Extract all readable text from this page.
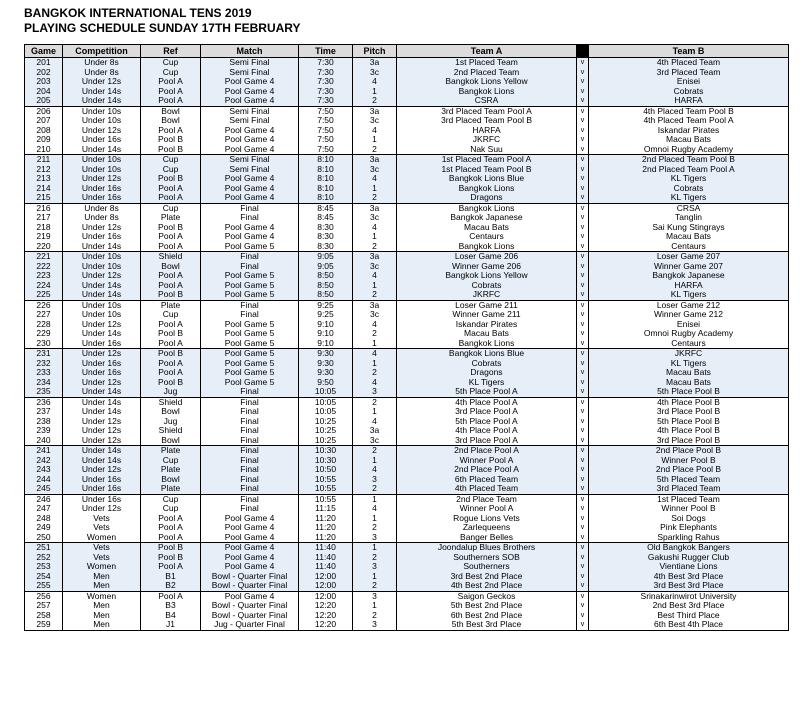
BANGKOK INTERNATIONAL TENS 2019
PLAYING SCHEDULE SUNDAY 17TH FEBRUARY
Game	Competition	Ref	Match	Time	Pitch	Team A		Team B
201	Under 8s	Cup	Semi Final	7:30	3a	1st Placed Team	v	4th Placed Team
202	Under 8s	Cup	Semi Final	7:30	3c	2nd Placed Team	v	3rd Placed Team
203	Under 12s	Pool A	Pool Game 4	7:30	4	Bangkok Lions Yellow	v	Enisei
204	Under 14s	Pool A	Pool Game 4	7:30	1	Bangkok Lions	v	Cobrats
205	Under 14s	Pool A	Pool Game 4	7:30	2	CSRA	v	HARFA
206	Under 10s	Bowl	Semi Final	7:50	3a	3rd Placed Team Pool A	v	4th Placed Team Pool B
207	Under 10s	Bowl	Semi Final	7:50	3c	3rd Placed Team Pool B	v	4th Placed Team Pool A
208	Under 12s	Pool A	Pool Game 4	7:50	4	HARFA	v	Iskandar Pirates
209	Under 16s	Pool B	Pool Game 4	7:50	1	JKRFC	v	Macau Bats
210	Under 14s	Pool B	Pool Game 4	7:50	2	Nak Suu	v	Omnoi Rugby Academy
211	Under 10s	Cup	Semi Final	8:10	3a	1st Placed Team Pool A	v	2nd Placed Team Pool B
212	Under 10s	Cup	Semi Final	8:10	3c	1st Placed Team Pool B	v	2nd Placed Team Pool A
213	Under 12s	Pool B	Pool Game 4	8:10	4	Bangkok Lions Blue	v	KL Tigers
214	Under 16s	Pool A	Pool Game 4	8:10	1	Bangkok Lions	v	Cobrats
215	Under 16s	Pool A	Pool Game 4	8:10	2	Dragons	v	KL Tigers
216	Under 8s	Cup	Final	8:45	3a	Bangkok Lions	v	CRSA
217	Under 8s	Plate	Final	8:45	3c	Bangkok Japanese	v	Tanglin
218	Under 12s	Pool B	Pool Game 4	8:30	4	Macau Bats	v	Sai Kung Stingrays
219	Under 16s	Pool A	Pool Game 4	8:30	1	Centaurs	v	Macau Bats
220	Under 14s	Pool A	Pool Game 5	8:30	2	Bangkok Lions	v	Centaurs
221	Under 10s	Shield	Final	9:05	3a	Loser Game 206	v	Loser Game 207
222	Under 10s	Bowl	Final	9:05	3c	Winner Game 206	v	Winner Game 207
223	Under 12s	Pool A	Pool Game 5	8:50	4	Bangkok Lions Yellow	v	Bangkok Japanese
224	Under 14s	Pool A	Pool Game 5	8:50	1	Cobrats	v	HARFA
225	Under 14s	Pool B	Pool Game 5	8:50	2	JKRFC	v	KL Tigers
226	Under 10s	Plate	Final	9:25	3a	Loser Game 211	v	Loser Game 212
227	Under 10s	Cup	Final	9:25	3c	Winner Game 211	v	Winner Game 212
228	Under 12s	Pool A	Pool Game 5	9:10	4	Iskandar Pirates	v	Enisei
229	Under 14s	Pool B	Pool Game 5	9:10	2	Macau Bats	v	Omnoi Rugby Academy
230	Under 16s	Pool A	Pool Game 5	9:10	1	Bangkok Lions	v	Centaurs
231	Under 12s	Pool B	Pool Game 5	9:30	4	Bangkok Lions Blue	v	JKRFC
232	Under 16s	Pool A	Pool Game 5	9:30	1	Cobrats	v	KL Tigers
233	Under 16s	Pool A	Pool Game 5	9:30	2	Dragons	v	Macau Bats
234	Under 12s	Pool B	Pool Game 5	9:50	4	KL Tigers	v	Macau Bats
235	Under 14s	Jug	Final	10:05	3	5th Place Pool A	v	5th Place Pool B
236	Under 14s	Shield	Final	10:05	2	4th Place Pool A	v	4th Place Pool B
237	Under 14s	Bowl	Final	10:05	1	3rd Place Pool A	v	3rd Place Pool B
238	Under 12s	Jug	Final	10:25	4	5th Place Pool A	v	5th Place Pool B
239	Under 12s	Shield	Final	10:25	3a	4th Place Pool A	v	4th Place Pool B
240	Under 12s	Bowl	Final	10:25	3c	3rd Place Pool A	v	3rd Place Pool B
241	Under 14s	Plate	Final	10:30	2	2nd Place Pool A	v	2nd Place Pool B
242	Under 14s	Cup	Final	10:30	1	Winner Pool A	v	Winner Pool B
243	Under 12s	Plate	Final	10:50	4	2nd Place Pool A	v	2nd Place Pool B
244	Under 16s	Bowl	Final	10:55	3	6th Placed Team	v	5th Placed Team
245	Under 16s	Plate	Final	10:55	2	4th Placed Team	v	3rd Placed Team
246	Under 16s	Cup	Final	10:55	1	2nd Place Team	v	1st Placed Team
247	Under 12s	Cup	Final	11:15	4	Winner Pool A	v	Winner Pool B
248	Vets	Pool A	Pool Game 4	11:20	1	Rogue Lions Vets	v	Soi Dogs
249	Vets	Pool A	Pool Game 4	11:20	2	Zarlequeens	v	Pink Elephants
250	Women	Pool A	Pool Game 4	11:20	3	Banger Belles	v	Sparkling Rahus
251	Vets	Pool B	Pool Game 4	11:40	1	Joondalup Blues Brothers	v	Old Bangkok Bangers
252	Vets	Pool B	Pool Game 4	11:40	2	Southerners SOB	v	Gakushi Rugger Club
253	Women	Pool A	Pool Game 4	11:40	3	Southerners	v	Vientiane Lions
254	Men	B1	Bowl - Quarter Final	12:00	1	3rd Best 2nd Place	v	4th Best 3rd Place
255	Men	B2	Bowl - Quarter Final	12:00	2	4th Best 2nd Place	v	3rd Best 3rd Place
256	Women	Pool A	Pool Game 4	12:00	3	Saigon Geckos	v	Srinakarinwirot University
257	Men	B3	Bowl - Quarter Final	12:20	1	5th Best 2nd Place	v	2nd Best 3rd Place
258	Men	B4	Bowl - Quarter Final	12:20	2	6th Best 2nd Place	v	Best Third Place
259	Men	J1	Jug - Quarter Final	12:20	3	5th Best 3rd Place	v	6th Best 4th Place
